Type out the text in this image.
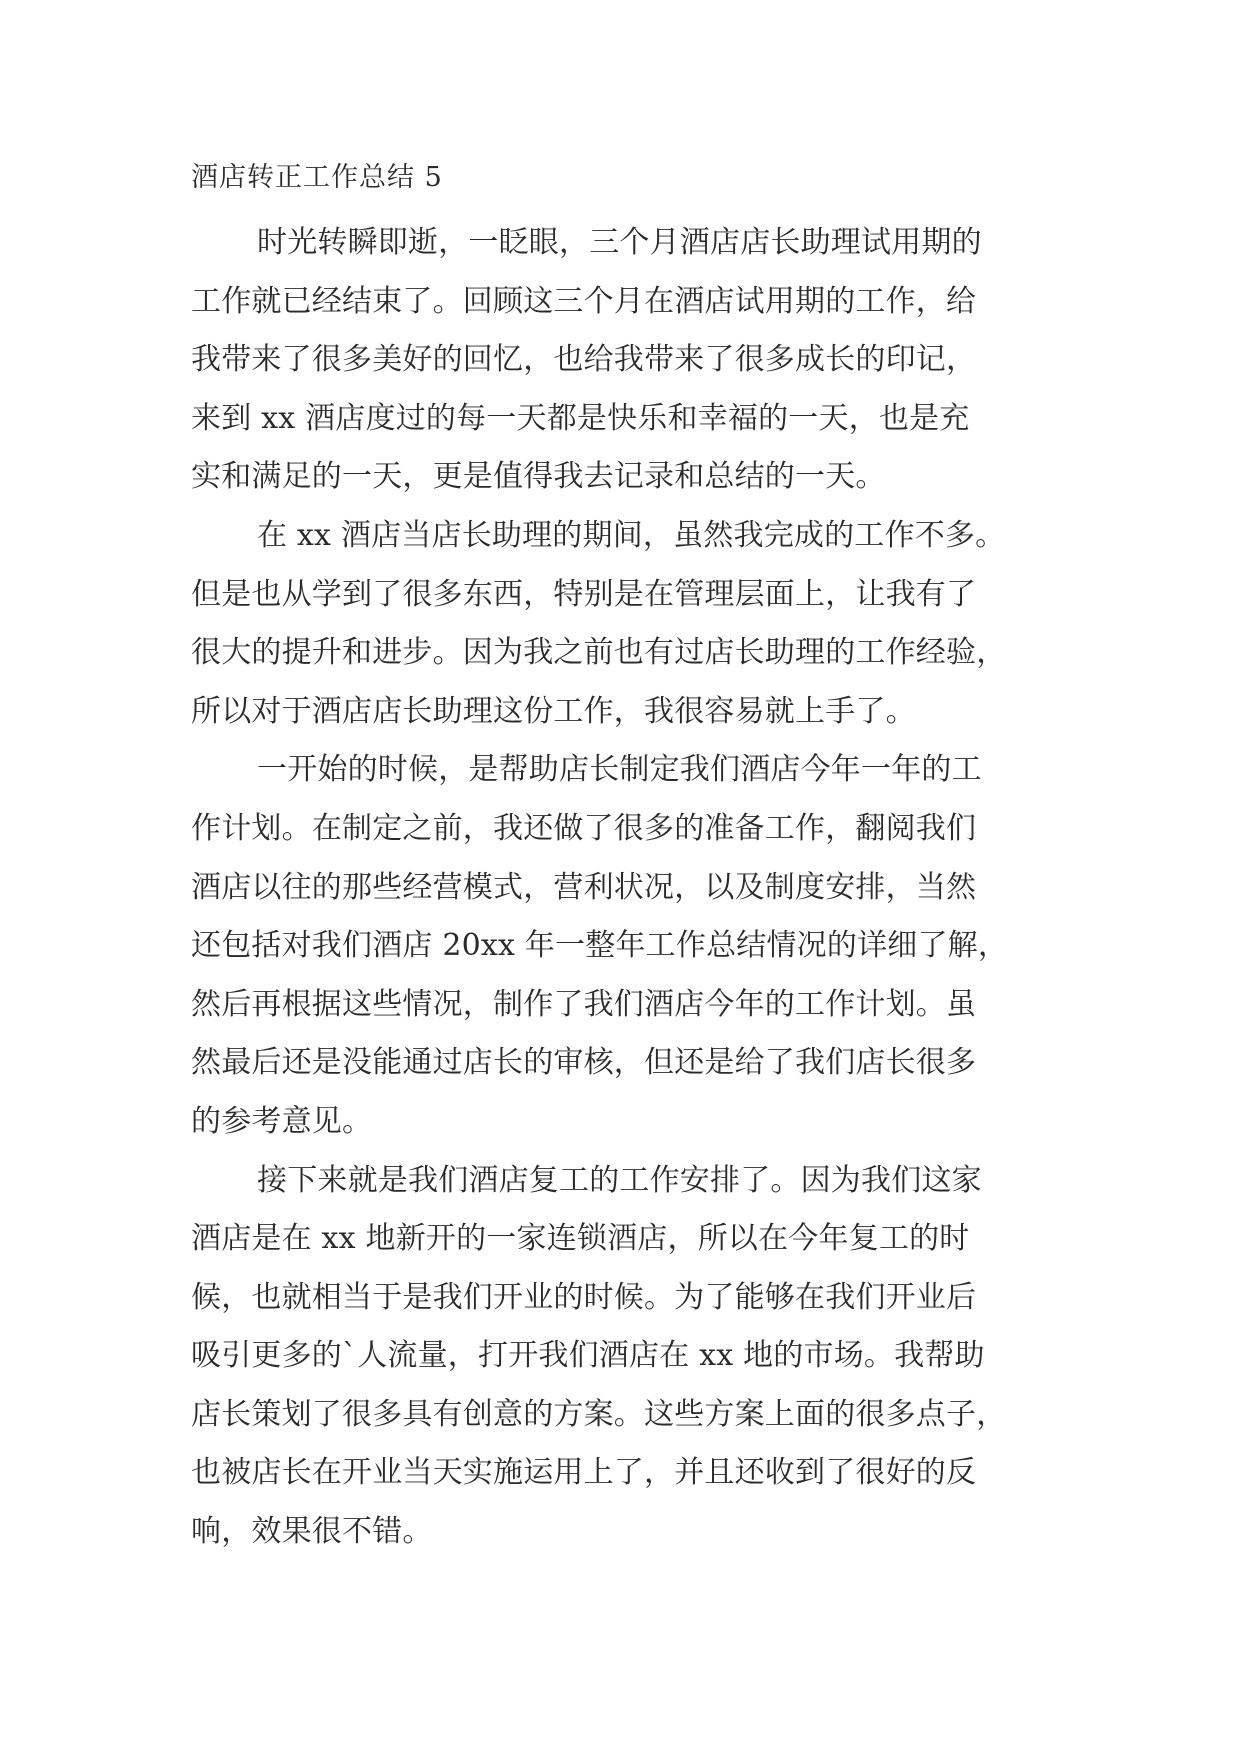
酒店转正工作总结 5
时光转瞬即逝，一眨眼，三个月酒店店长助理试用期的
工作就已经结束了。回顾这三个月在酒店试用期的工作，给
我带来了很多美好的回忆，也给我带来了很多成长的印记，
来到 xx 酒店度过的每一天都是快乐和幸福的一天，也是充
实和满足的一天，更是值得我去记录和总结的一天。
在 xx 酒店当店长助理的期间，虽然我完成的工作不多。
但是也从学到了很多东西，特别是在管理层面上，让我有了
很大的提升和进步。因为我之前也有过店长助理的工作经验，
所以对于酒店店长助理这份工作，我很容易就上手了。
一开始的时候，是帮助店长制定我们酒店今年一年的工
作计划。在制定之前，我还做了很多的准备工作，翻阅我们
酒店以往的那些经营模式，营利状况，以及制度安排，当然
还包括对我们酒店 20xx 年一整年工作总结情况的详细了解，
然后再根据这些情况，制作了我们酒店今年的工作计划。虽
然最后还是没能通过店长的审核，但还是给了我们店长很多
的参考意见。
接下来就是我们酒店复工的工作安排了。因为我们这家
酒店是在 xx 地新开的一家连锁酒店，所以在今年复工的时
候，也就相当于是我们开业的时候。为了能够在我们开业后
吸引更多的`人流量，打开我们酒店在 xx 地的市场。我帮助
店长策划了很多具有创意的方案。这些方案上面的很多点子，
也被店长在开业当天实施运用上了，并且还收到了很好的反
响，效果很不错。
